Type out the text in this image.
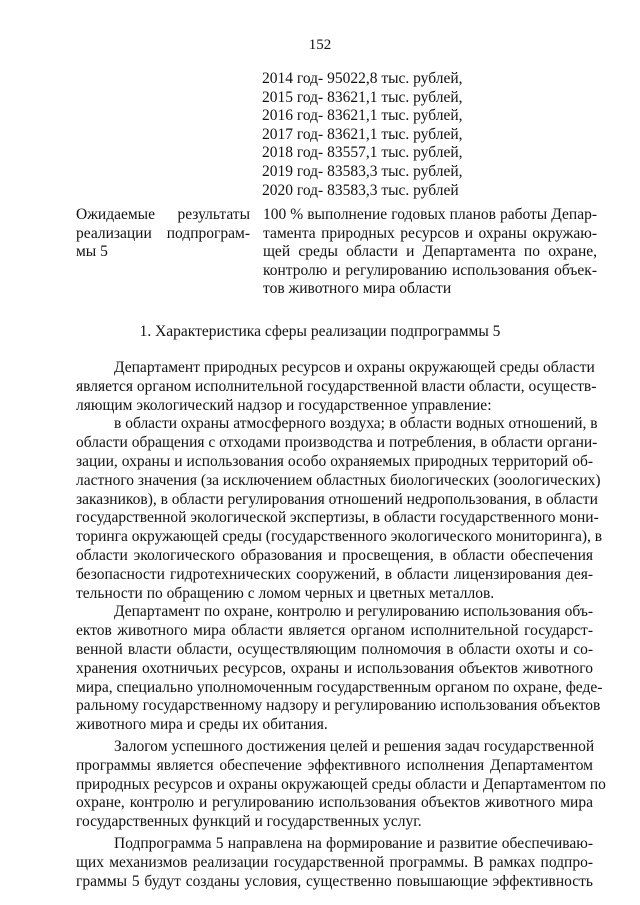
152
2014 год- 95022,8 тыс. рублей,
2015 год- 83621,1 тыс. рублей,
2016 год- 83621,1 тыс. рублей,
2017 год- 83621,1 тыс. рублей,
2018 год- 83557,1 тыс. рублей,
2019 год- 83583,3 тыс. рублей,
2020 год- 83583,3 тыс. рублей
Ожидаемые результаты
реализации подпрограм-
мы 5
100 % выполнение годовых планов работы Депар-
тамента природных ресурсов и охраны окружаю-
щей среды области и Департамента по охране,
контролю и регулированию использования объек-
тов животного мира области
1. Характеристика сферы реализации подпрограммы 5
Департамент природных ресурсов и охраны окружающей среды области
является органом исполнительной государственной власти области, осуществ-
ляющим экологический надзор и государственное управление:
в области охраны атмосферного воздуха; в области водных отношений, в
области обращения с отходами производства и потребления, в области органи-
зации, охраны и использования особо охраняемых природных территорий об-
ластного значения (за исключением областных биологических (зоологических)
заказников), в области регулирования отношений недропользования, в области
государственной экологической экспертизы, в области государственного мони-
торинга окружающей среды (государственного экологического мониторинга), в
области экологического образования и просвещения, в области обеспечения
безопасности гидротехнических сооружений, в области лицензирования дея-
тельности по обращению с ломом черных и цветных металлов.
Департамент по охране, контролю и регулированию использования объ-
ектов животного мира области является органом исполнительной государст-
венной власти области, осуществляющим полномочия в области охоты и со-
хранения охотничьих ресурсов, охраны и использования объектов животного
мира, специально уполномоченным государственным органом по охране, феде-
ральному государственному надзору и регулированию использования объектов
животного мира и среды их обитания.
Залогом успешного достижения целей и решения задач государственной
программы является обеспечение эффективного исполнения Департаментом
природных ресурсов и охраны окружающей среды области и Департаментом по
охране, контролю и регулированию использования объектов животного мира
государственных функций и государственных услуг.
Подпрограмма 5 направлена на формирование и развитие обеспечиваю-
щих механизмов реализации государственной программы. В рамках подпро-
граммы 5 будут созданы условия, существенно повышающие эффективность
